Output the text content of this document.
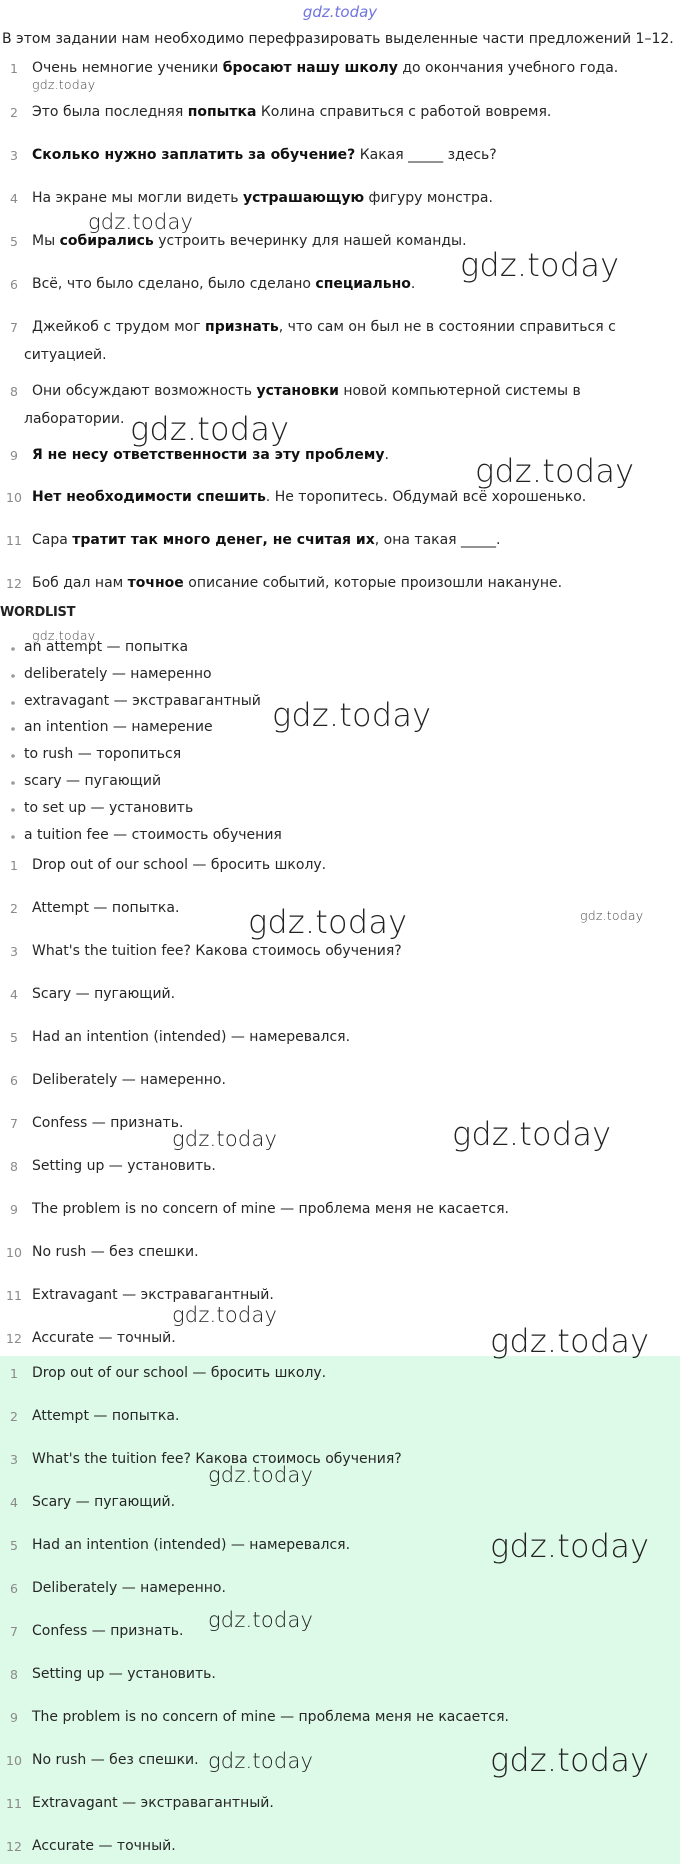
gdz.today
В этом задании нам необходимо перефразировать выделенные части предложений 1–12.
1 Очень немногие ученики бросают нашу школу до окончания учебного года.
2 Это была последняя попытка Колина справиться с работой вовремя.
3 Сколько нужно заплатить за обучение? Какая _____ здесь?
4 На экране мы могли видеть устрашающую фигуру монстра.
5 Мы собирались устроить вечеринку для нашей команды.
6 Всё, что было сделано, было сделано специально.
7 Джейкоб с трудом мог признать, что сам он был не в состоянии справиться с
ситуацией.
8 Они обсуждают возможность установки новой компьютерной системы в
лаборатории.
9 Я не несу ответственности за эту проблему.
10 Нет необходимости спешить. Не торопитесь. Обдумай всё хорошенько.
11 Сара тратит так много денег, не считая их, она такая _____.
12 Боб дал нам точное описание событий, которые произошли накануне.
WORDLIST
an attempt — попытка
deliberately — намеренно
extravagant — экстравагантный
an intention — намерение
to rush — торопиться
scary — пугающий
to set up — установить
a tuition fee — стоимость обучения
1 Drop out of our school — бросить школу.
2 Attempt — попытка.
3 What's the tuition fee? Какова стоимось обучения?
4 Scary — пугающий.
5 Had an intention (intended) — намеревался.
6 Deliberately — намеренно.
7 Confess — признать.
8 Setting up — установить.
9 The problem is no concern of mine — проблема меня не касается.
10 No rush — без спешки.
11 Extravagant — экстравагантный.
12 Accurate — точный.
1 Drop out of our school — бросить школу.
2 Attempt — попытка.
3 What's the tuition fee? Какова стоимось обучения?
4 Scary — пугающий.
5 Had an intention (intended) — намеревался.
6 Deliberately — намеренно.
7 Confess — признать.
8 Setting up — установить.
9 The problem is no concern of mine — проблема меня не касается.
10 No rush — без спешки.
11 Extravagant — экстравагантный.
12 Accurate — точный.
gdz.today
gdz.today
gdz.today
gdz.today
gdz.today
gdz.today
gdz.today
gdz.today	gdz.today
gdz.today	gdz.today
gdz.today
gdz.today
gdz.today
gdz.today
gdz.today
gdz.today	gdz.today
